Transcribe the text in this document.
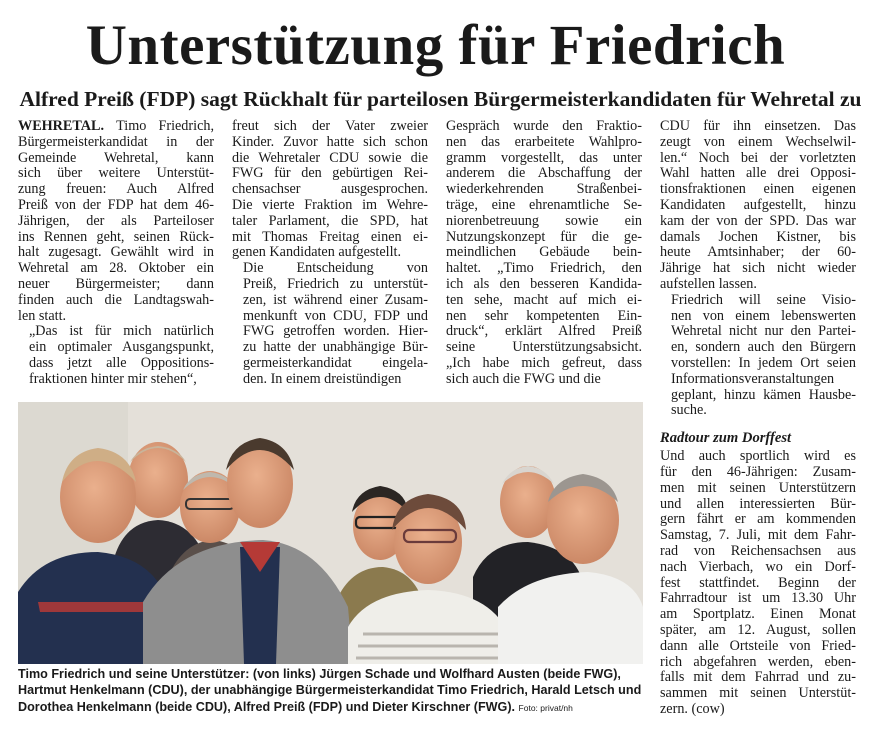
Unterstützung für Friedrich
Alfred Preiß (FDP) sagt Rückhalt für parteilosen Bürgermeisterkandidaten für Wehretal zu

WEHRETAL. Timo Friedrich,
Bürgermeisterkandidat in der
Gemeinde Wehretal, kann
sich über weitere Unterstüt-
zung freuen: Auch Alfred
Preiß von der FDP hat dem 46-
Jährigen, der als Parteiloser
ins Rennen geht, seinen Rück-
halt zugesagt. Gewählt wird in
Wehretal am 28. Oktober ein
neuer Bürgermeister; dann
finden auch die Landtagswah-
len statt.

„Das ist für mich natürlich
ein optimaler Ausgangspunkt,
dass jetzt alle Oppositions-
fraktionen hinter mir stehen“,

freut sich der Vater zweier
Kinder. Zuvor hatte sich schon
die Wehretaler CDU sowie die
FWG für den gebürtigen Rei-
chensachser ausgesprochen.
Die vierte Fraktion im Wehre-
taler Parlament, die SPD, hat
mit Thomas Freitag einen ei-
genen Kandidaten aufgestellt.

Die Entscheidung von
Preiß, Friedrich zu unterstüt-
zen, ist während einer Zusam-
menkunft von CDU, FDP und
FWG getroffen worden. Hier-
zu hatte der unabhängige Bür-
germeisterkandidat eingela-
den. In einem dreistündigen

Gespräch wurde den Fraktio-
nen das erarbeitete Wahlpro-
gramm vorgestellt, das unter
anderem die Abschaffung der
wiederkehrenden Straßenbei-
träge, eine ehrenamtliche Se-
niorenbetreuung sowie ein
Nutzungskonzept für die ge-
meindlichen Gebäude bein-
haltet. „Timo Friedrich, den
ich als den besseren Kandida-
ten sehe, macht auf mich ei-
nen sehr kompetenten Ein-
druck“, erklärt Alfred Preiß
seine Unterstützungsabsicht.
„Ich habe mich gefreut, dass
sich auch die FWG und die

CDU für ihn einsetzen. Das
zeugt von einem Wechselwil-
len.“ Noch bei der vorletzten
Wahl hatten alle drei Opposi-
tionsfraktionen einen eigenen
Kandidaten aufgestellt, hinzu
kam der von der SPD. Das war
damals Jochen Kistner, bis
heute Amtsinhaber; der 60-
Jährige hat sich nicht wieder
aufstellen lassen.

Friedrich will seine Visio-
nen von einem lebenswerten
Wehretal nicht nur den Partei-
en, sondern auch den Bürgern
vorstellen: In jedem Ort seien
Informationsveranstaltungen
geplant, hinzu kämen Hausbe-
suche.

Radtour zum Dorffest

Und auch sportlich wird es
für den 46-Jährigen: Zusam-
men mit seinen Unterstützern
und allen interessierten Bür-
gern fährt er am kommenden
Samstag, 7. Juli, mit dem Fahr-
rad von Reichensachsen aus
nach Vierbach, wo ein Dorf-
fest stattfindet. Beginn der
Fahrradtour ist um 13.30 Uhr
am Sportplatz. Einen Monat
später, am 12. August, sollen
dann alle Ortsteile von Fried-
rich abgefahren werden, eben-
falls mit dem Fahrrad und zu-
sammen mit seinen Unterstüt-
zern. (cow)

Timo Friedrich und seine Unterstützer: (von links) Jürgen Schade und Wolfhard Austen (beide FWG), Hartmut Henkelmann (CDU), der unabhängige Bürgermeisterkandidat Timo Friedrich, Harald Letsch und Dorothea Henkelmann (beide CDU), Alfred Preiß (FDP) und Dieter Kirschner (FWG). Foto: privat/nh
